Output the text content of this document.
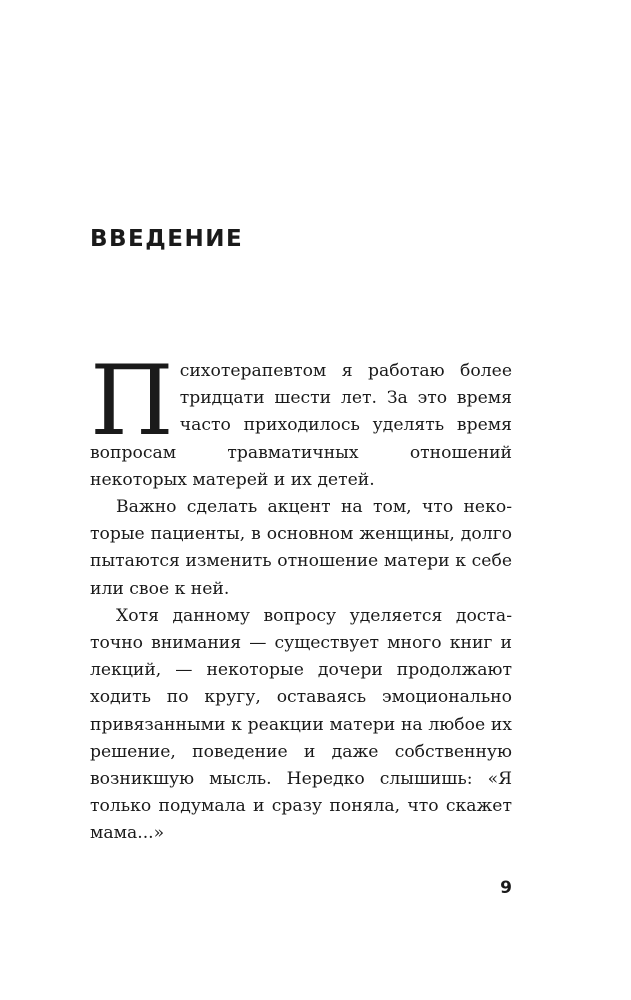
ВВЕДЕНИЕ

Психотерапевтом я работаю более тридцати шести лет. За это время часто приходилось уделять время вопросам травматичных отношений некоторых матерей и их детей.

Важно сделать акцент на том, что некоторые пациенты, в основном женщины, долго пытаются изменить отношение матери к себе или свое к ней.

Хотя данному вопросу уделяется достаточно внимания — существует много книг и лекций, — некоторые дочери продолжают ходить по кругу, оставаясь эмоционально привязанными к реакции матери на любое их решение, поведение и даже собственную возникшую мысль. Нередко слышишь: «Я только подумала и сразу поняла, что скажет мама...»

9
